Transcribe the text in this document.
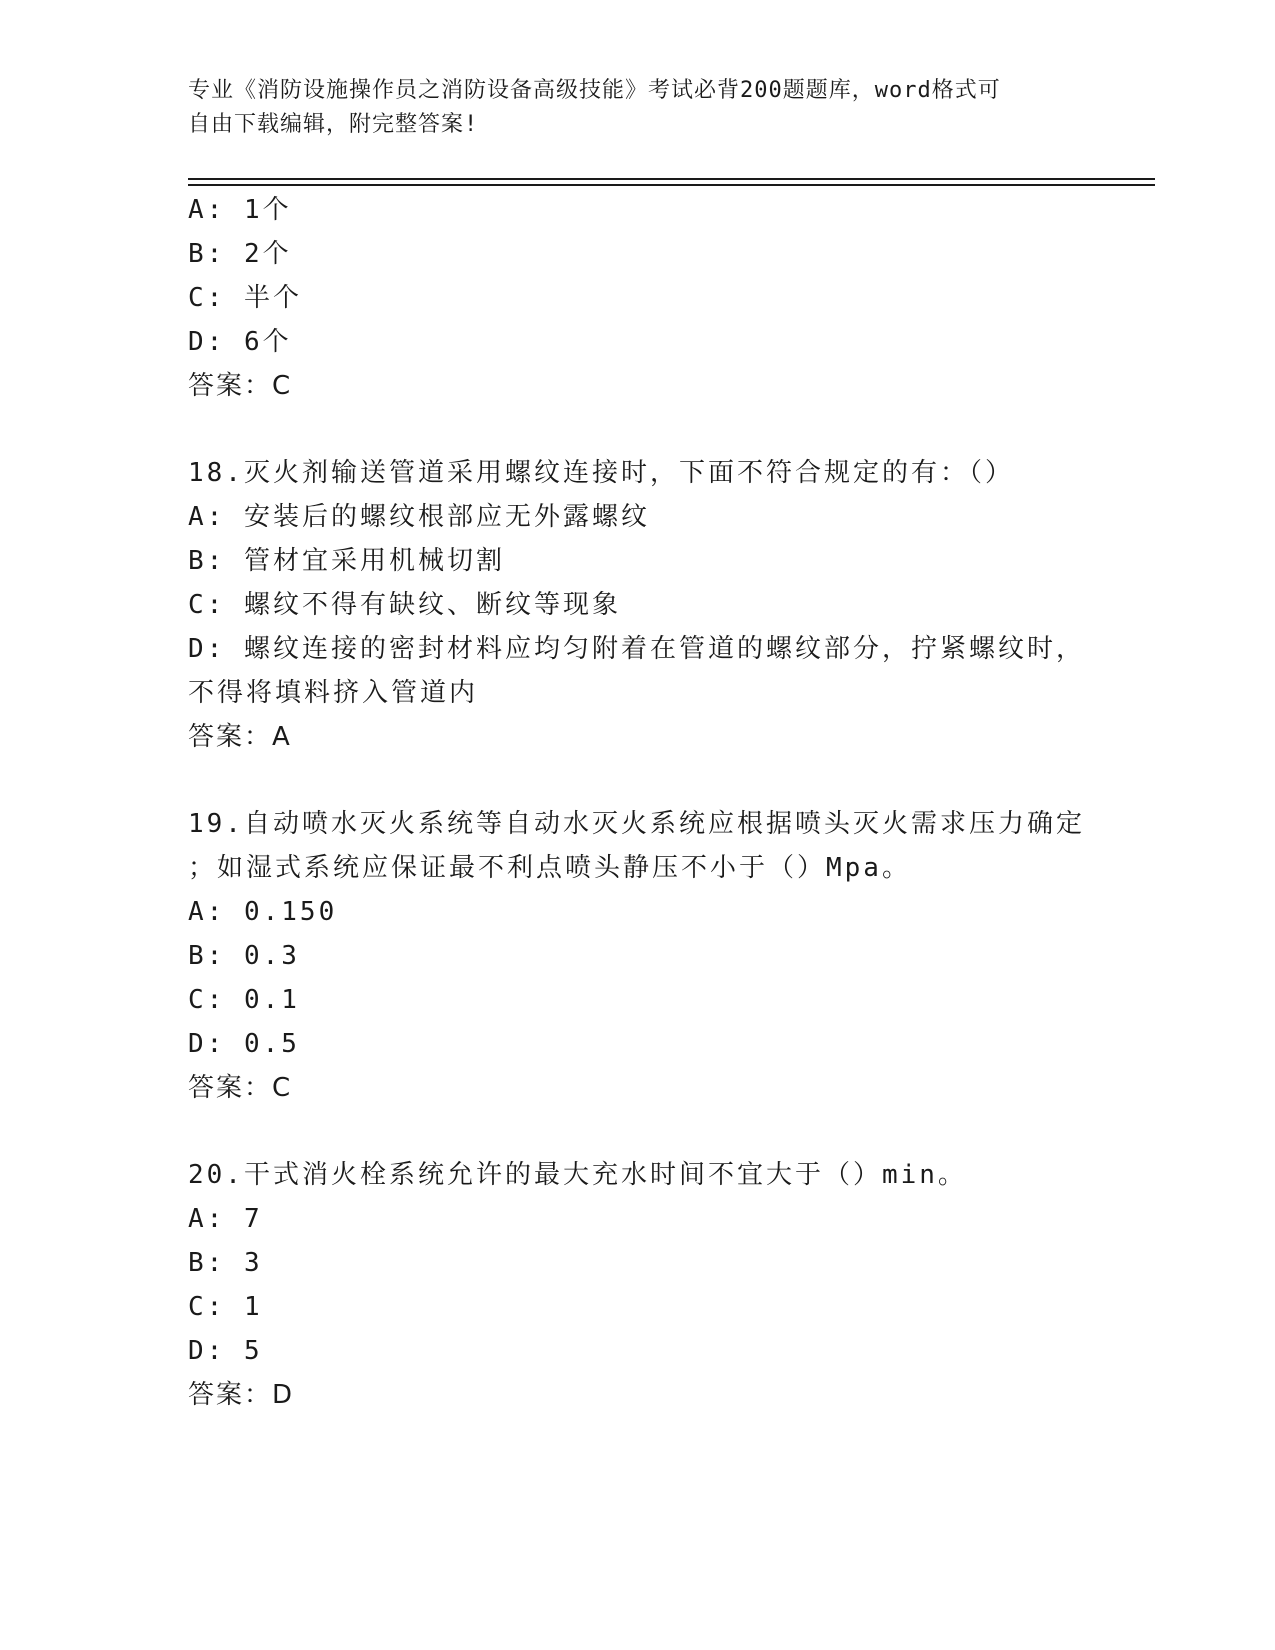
专业《消防设施操作员之消防设备高级技能》考试必背200题题库，word格式可
自由下载编辑，附完整答案!
A: 1个
B: 2个
C: 半个
D: 6个
答案：C
18.灭火剂输送管道采用螺纹连接时，下面不符合规定的有：（）
A: 安装后的螺纹根部应无外露螺纹
B: 管材宜采用机械切割
C: 螺纹不得有缺纹、断纹等现象
D: 螺纹连接的密封材料应均匀附着在管道的螺纹部分，拧紧螺纹时，
不得将填料挤入管道内
答案：A
19.自动喷水灭火系统等自动水灭火系统应根据喷头灭火需求压力确定
；如湿式系统应保证最不利点喷头静压不小于（）Mpa。
A: 0.150
B: 0.3
C: 0.1
D: 0.5
答案：C
20.干式消火栓系统允许的最大充水时间不宜大于（）min。
A: 7
B: 3
C: 1
D: 5
答案：D
